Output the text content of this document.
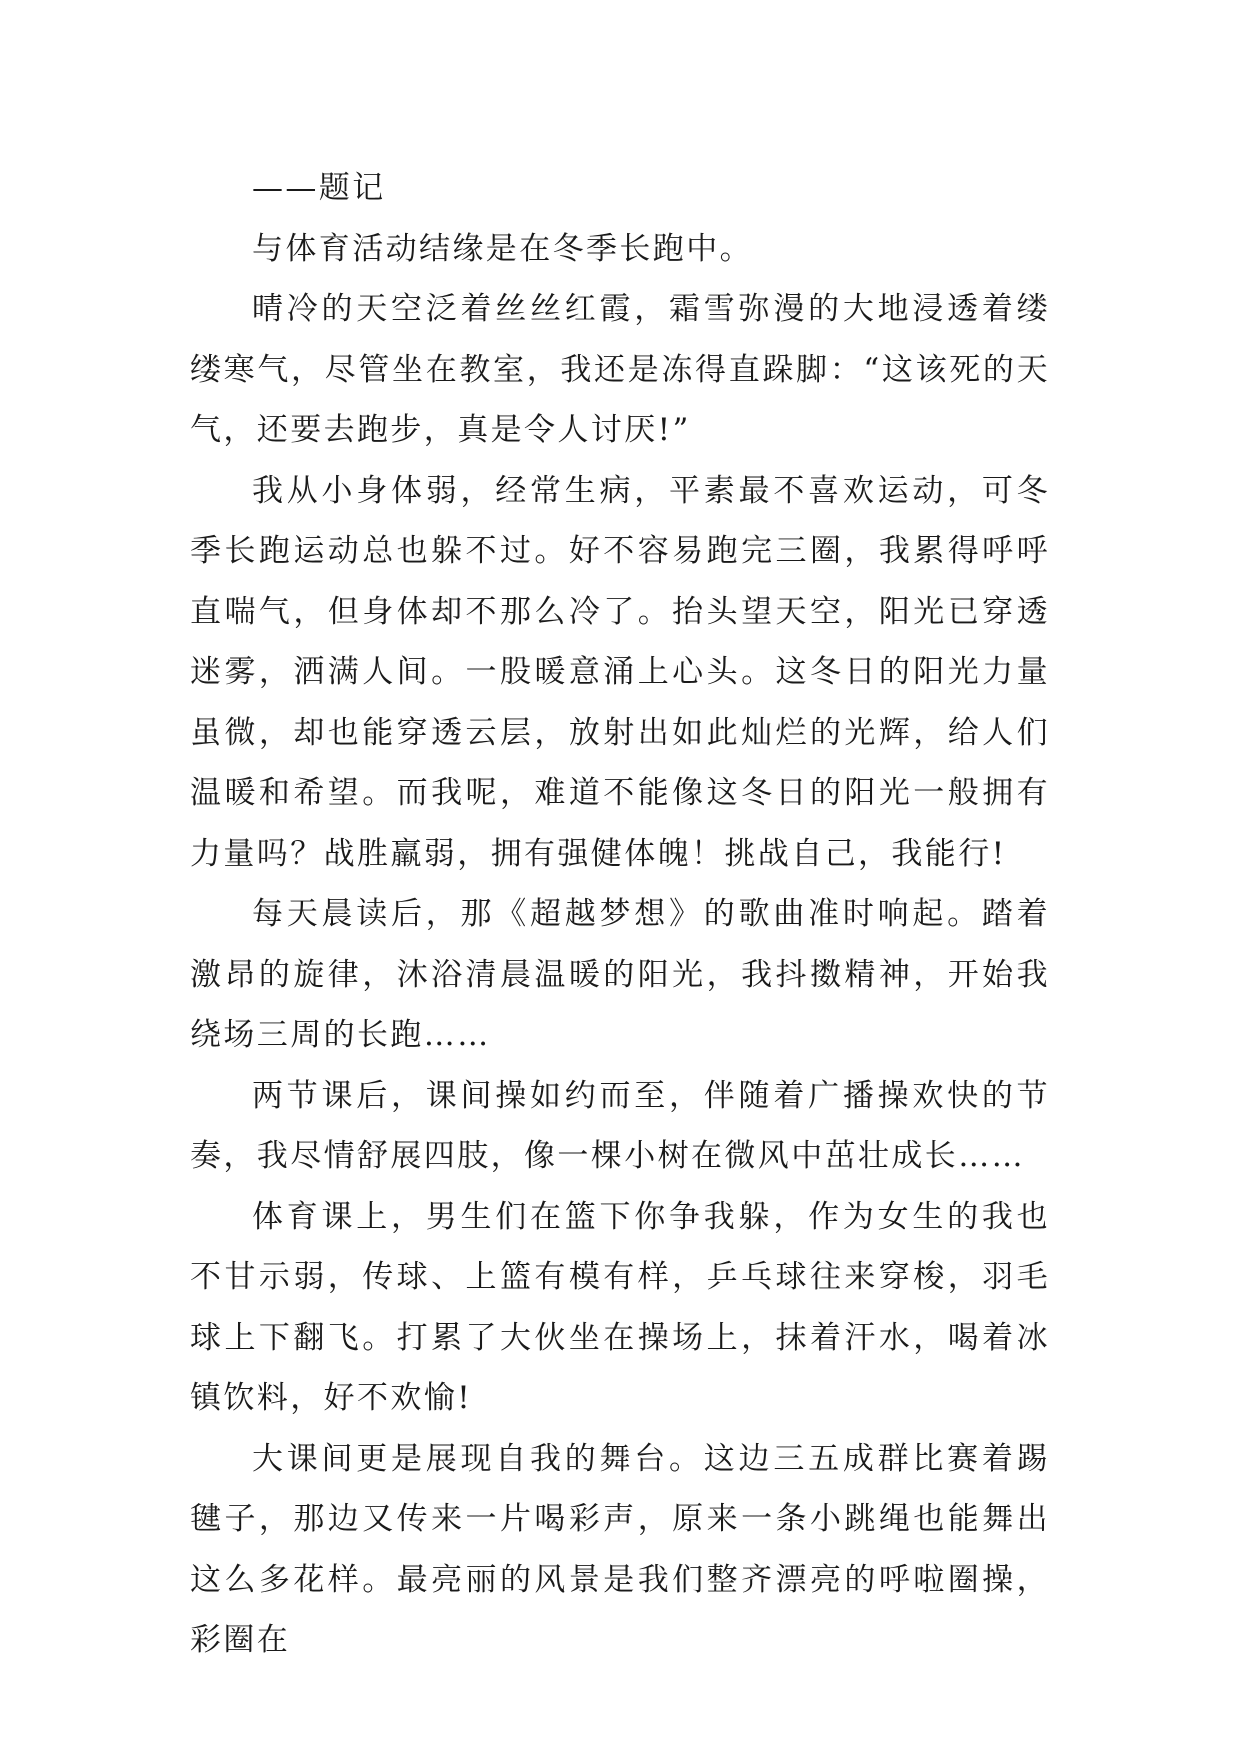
——题记

与体育活动结缘是在冬季长跑中。

晴冷的天空泛着丝丝红霞，霜雪弥漫的大地浸透着缕缕寒气，尽管坐在教室，我还是冻得直跺脚：“这该死的天气，还要去跑步，真是令人讨厌!”

我从小身体弱，经常生病，平素最不喜欢运动，可冬季长跑运动总也躲不过。好不容易跑完三圈，我累得呼呼直喘气，但身体却不那么冷了。抬头望天空，阳光已穿透迷雾，洒满人间。一股暖意涌上心头。这冬日的阳光力量虽微，却也能穿透云层，放射出如此灿烂的光辉，给人们温暖和希望。而我呢，难道不能像这冬日的阳光一般拥有力量吗？战胜羸弱，拥有强健体魄！挑战自己，我能行!

每天晨读后，那《超越梦想》的歌曲准时响起。踏着激昂的旋律，沐浴清晨温暖的阳光，我抖擞精神，开始我绕场三周的长跑……

两节课后，课间操如约而至，伴随着广播操欢快的节奏，我尽情舒展四肢，像一棵小树在微风中茁壮成长……

体育课上，男生们在篮下你争我躲，作为女生的我也不甘示弱，传球、上篮有模有样，乒乓球往来穿梭，羽毛球上下翻飞。打累了大伙坐在操场上，抹着汗水，喝着冰镇饮料，好不欢愉!

大课间更是展现自我的舞台。这边三五成群比赛着踢毽子，那边又传来一片喝彩声，原来一条小跳绳也能舞出这么多花样。最亮丽的风景是我们整齐漂亮的呼啦圈操，彩圈在
